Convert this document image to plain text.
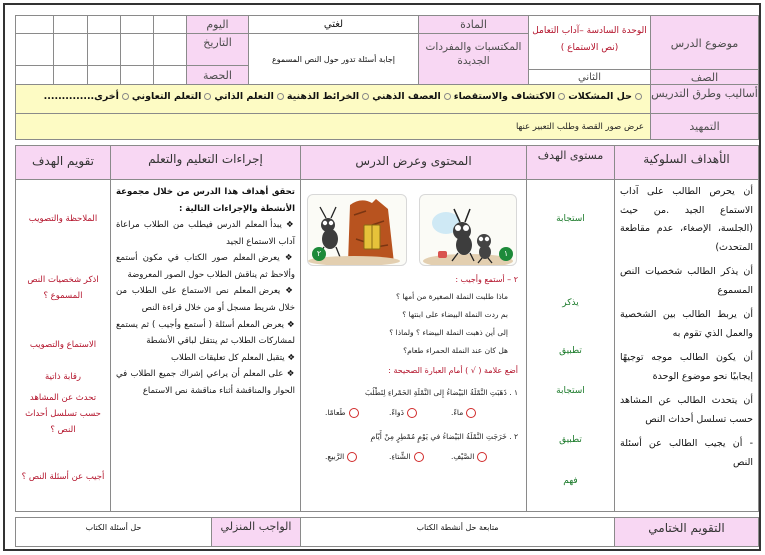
موضوع الدرس
الوحدة السادسة –آداب التعامل
(نص الاستماع )
المادة
المكتسبات والمفردات الجديدة
لغتي
إجابة أسئلة تدور حول النص المسموع
اليوم
التاريخ
الحصة	الصف
الثاني
أساليب وطرق التدريس
حل المشكلات الاكتشاف والاستقصاء العصف الذهني الخرائط الذهنية التعلم الذاتي التعلم التعاوني أخرى..............
التمهيد
عرض صور القصة وطلب التعبير عنها
الأهداف السلوكية
مستوى الهدف
المحتوى وعرض الدرس
إجراءات التعليم والتعلم
تقويم الهدف
أن يحرص الطالب على آداب الاستماع الجيد .من حيث (الجلسة، الإصغاء، عدم مقاطعة المتحدث)
أن يذكر الطالب شخصيات النص المسموع
أن يربط الطالب بين الشخصية والعمل الذي تقوم به
أن يكون الطالب موجه توجيهًا إيجابيًا نحو موضوع الوحدة
أن يتحدث الطالب عن المشاهد حسب تسلسل أحداث النص
- أن يجيب الطالب عن أسئلة النص
استجابة
يذكر
تطبيق
استجابة
تطبيق
فهم
١
٢
٢ – أستمع وأجيب :
ماذا طلبت النملة الصغيرة من أمها ؟
بم ردت النملة البيضاء على ابنتها ؟
إلى أين ذهبت النملة البيضاء ؟ ولماذا ؟
هل كان عند النملة الحمراء طعام؟
أضع علامة ( √ ) أمام العبارة الصحيحة :
١ . ذَهَبَتِ النَّمْلَةُ البَيْضاءُ إِلى النَّمْلَةِ الحَمْراءِ لِتَطْلُبَ
ماءً.
دَواءً.
طَعامًا.
٢ . خَرَجَتِ النَّمْلَةُ البَيْضاءُ في يَوْمٍ مُمْطِرٍ مِنْ أَيّامِ
الصَّيْفِ.
الشِّتاءِ.
الرَّبيعِ.
تحقق أهداف هذا الدرس من خلال مجموعة الأنشطة والإجراءات التالية :
❖ يبدأ المعلم الدرس فيطلب من الطلاب مراعاة آداب الاستماع الجيد
❖ يعرض المعلم صور الكتاب في مكون أستمع وألاحظ ثم يناقش الطلاب حول الصور المعروضة
❖ يعرض المعلم نص الاستماع على الطلاب من خلال شريط مسجل أو من خلال قراءة النص
❖ يعرض المعلم أسئلة ( أستمع وأجيب ) ثم يستمع لمشاركات الطلاب ثم ينتقل لباقي الأنشطة
❖ يتقبل المعلم كل تعليقات الطلاب
❖ على المعلم أن يراعي إشراك جميع الطلاب في الحوار والمناقشة أثناء مناقشة نص الاستماع
الملاحظة والتصويب
اذكر شخصيات النص المسموع ؟
الاستماع والتصويب
رقابة ذاتية
تحدث عن المشاهد حسب تسلسل أحداث النص ؟
أجيب عن أسئلة النص ؟
التقويم الختامي
متابعة حل أنشطة الكتاب
الواجب المنزلي
حل أسئلة الكتاب
